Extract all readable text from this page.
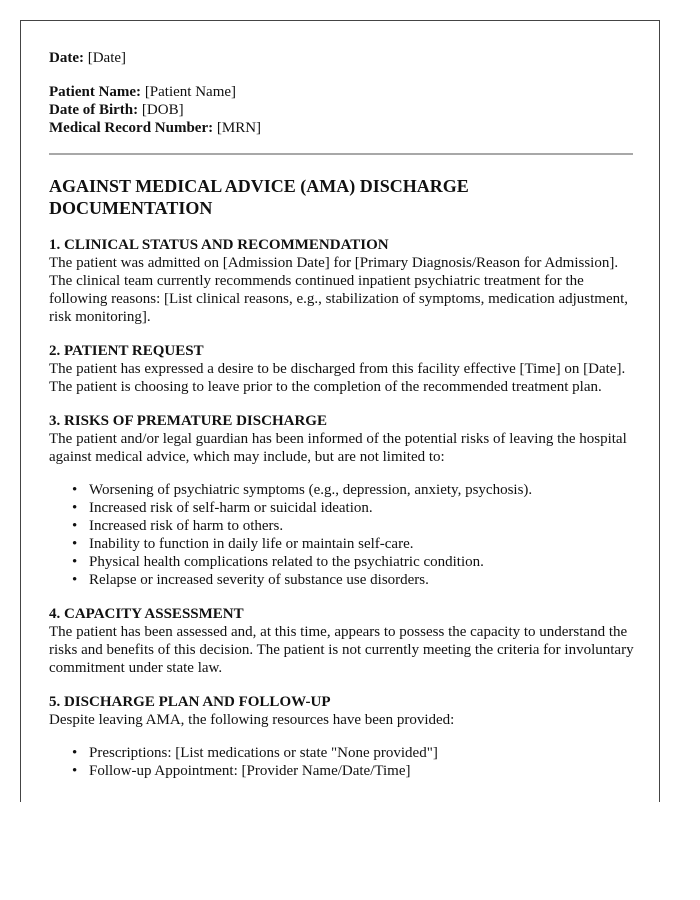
Date: [Date]

Patient Name: [Patient Name]

Date of Birth: [DOB]

Medical Record Number: [MRN]

AGAINST MEDICAL ADVICE (AMA) DISCHARGE DOCUMENTATION

1. CLINICAL STATUS AND RECOMMENDATION

The patient was admitted on [Admission Date] for [Primary Diagnosis/Reason for Admission]. The clinical team currently recommends continued inpatient psychiatric treatment for the following reasons: [List clinical reasons, e.g., stabilization of symptoms, medication adjustment, risk monitoring].

2. PATIENT REQUEST

The patient has expressed a desire to be discharged from this facility effective [Time] on [Date]. The patient is choosing to leave prior to the completion of the recommended treatment plan.

3. RISKS OF PREMATURE DISCHARGE

The patient and/or legal guardian has been informed of the potential risks of leaving the hospital against medical advice, which may include, but are not limited to:

• Worsening of psychiatric symptoms (e.g., depression, anxiety, psychosis).
• Increased risk of self-harm or suicidal ideation.
• Increased risk of harm to others.
• Inability to function in daily life or maintain self-care.
• Physical health complications related to the psychiatric condition.
• Relapse or increased severity of substance use disorders.

4. CAPACITY ASSESSMENT

The patient has been assessed and, at this time, appears to possess the capacity to understand the risks and benefits of this decision. The patient is not currently meeting the criteria for involuntary commitment under state law.

5. DISCHARGE PLAN AND FOLLOW-UP

Despite leaving AMA, the following resources have been provided:

• Prescriptions: [List medications or state "None provided"]
• Follow-up Appointment: [Provider Name/Date/Time]
